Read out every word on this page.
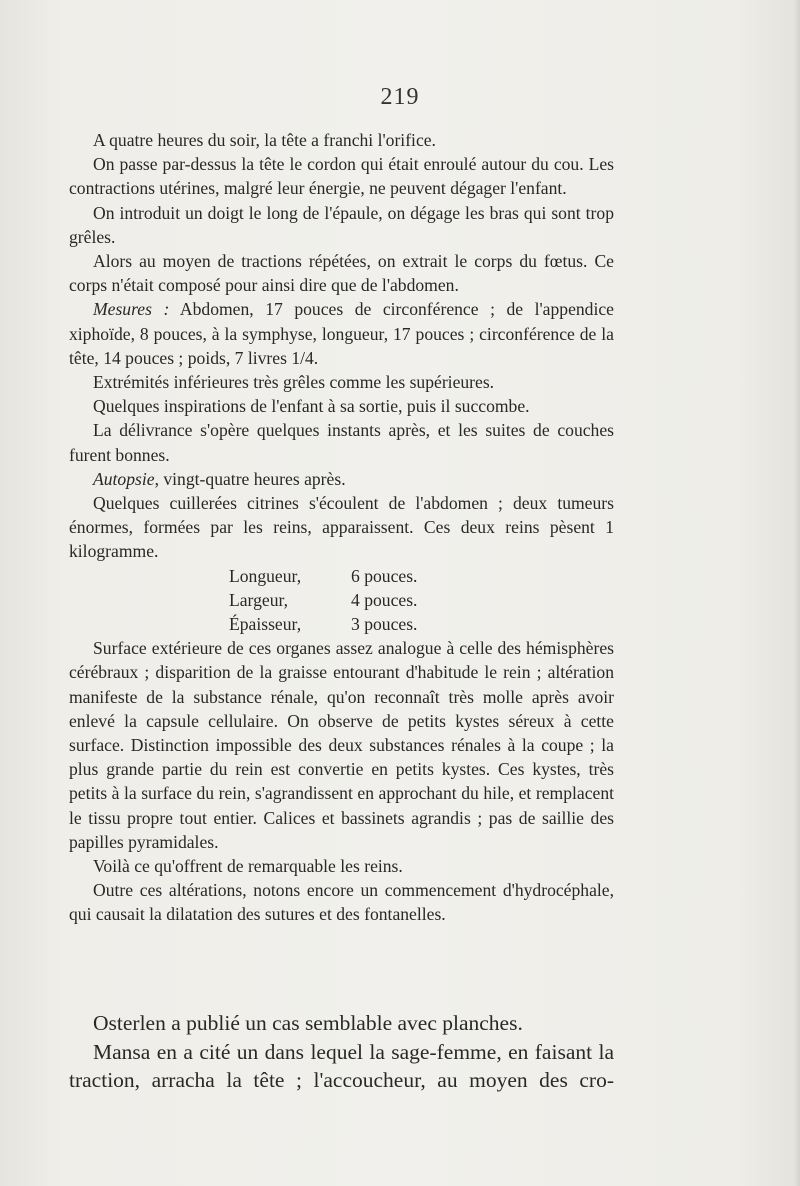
219

A quatre heures du soir, la tête a franchi l'orifice.

On passe par-dessus la tête le cordon qui était enroulé autour du cou. Les contractions utérines, malgré leur énergie, ne peuvent dégager l'enfant.

On introduit un doigt le long de l'épaule, on dégage les bras qui sont trop grêles.

Alors au moyen de tractions répétées, on extrait le corps du fœtus. Ce corps n'était composé pour ainsi dire que de l'abdomen.

Mesures : Abdomen, 17 pouces de circonférence ; de l'appendice xiphoïde, 8 pouces, à la symphyse, longueur, 17 pouces ; circonférence de la tête, 14 pouces ; poids, 7 livres 1/4.

Extrémités inférieures très grêles comme les supérieures.

Quelques inspirations de l'enfant à sa sortie, puis il succombe.

La délivrance s'opère quelques instants après, et les suites de couches furent bonnes.

Autopsie, vingt-quatre heures après.

Quelques cuillerées citrines s'écoulent de l'abdomen ; deux tumeurs énormes, formées par les reins, apparaissent. Ces deux reins pèsent 1 kilogramme.

Longueur,	6 pouces.
Largeur,	4 pouces.
Épaisseur,	3 pouces.

Surface extérieure de ces organes assez analogue à celle des hémisphères cérébraux ; disparition de la graisse entourant d'habitude le rein ; altération manifeste de la substance rénale, qu'on reconnaît très molle après avoir enlevé la capsule cellulaire. On observe de petits kystes séreux à cette surface. Distinction impossible des deux substances rénales à la coupe ; la plus grande partie du rein est convertie en petits kystes. Ces kystes, très petits à la surface du rein, s'agrandissent en approchant du hile, et remplacent le tissu propre tout entier. Calices et bassinets agrandis ; pas de saillie des papilles pyramidales.

Voilà ce qu'offrent de remarquable les reins.

Outre ces altérations, notons encore un commencement d'hydrocéphale, qui causait la dilatation des sutures et des fontanelles.

Osterlen a publié un cas semblable avec planches.

Mansa en a cité un dans lequel la sage-femme, en faisant la traction, arracha la tête ; l'accoucheur, au moyen des cro-
